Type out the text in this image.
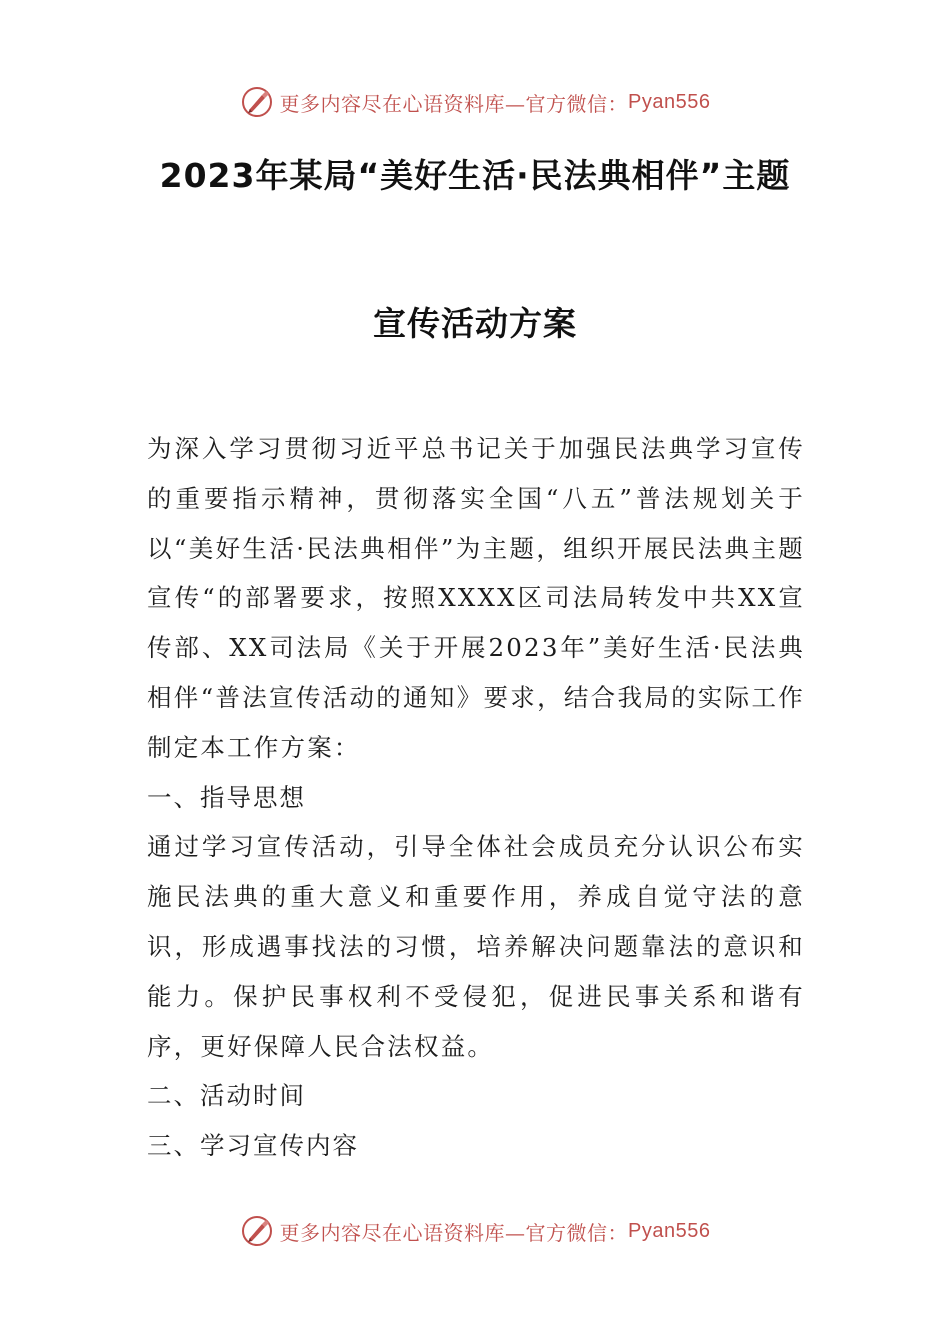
更多内容尽在心语资料库—官方微信： Pyan556
2023年某局“美好生活·民法典相伴”主题
宣传活动方案

为深入学习贯彻习近平总书记关于加强民法典学习宣传的重要指示精神，贯彻落实全国“八五”普法规划关于以“美好生活·民法典相伴”为主题，组织开展民法典主题宣传“的部署要求，按照XXXX区司法局转发中共XX宣传部、XX司法局《关于开展2023年”美好生活·民法典相伴“普法宣传活动的通知》要求，结合我局的实际工作制定本工作方案：

一、指导思想

通过学习宣传活动，引导全体社会成员充分认识公布实施民法典的重大意义和重要作用，养成自觉守法的意识，形成遇事找法的习惯，培养解决问题靠法的意识和能力。保护民事权利不受侵犯，促进民事关系和谐有序，更好保障人民合法权益。

二、活动时间

三、学习宣传内容

更多内容尽在心语资料库—官方微信： Pyan556
